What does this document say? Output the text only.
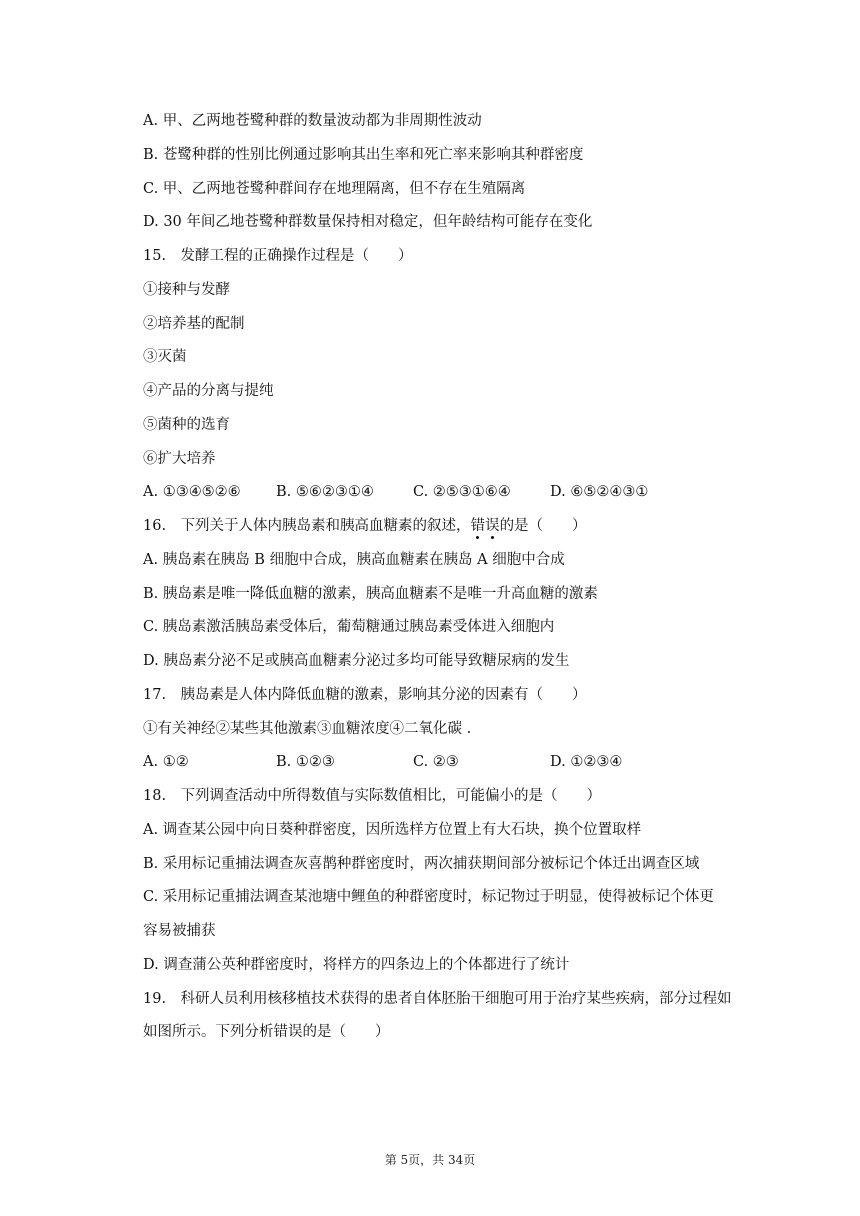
A. 甲、乙两地苍鹭种群的数量波动都为非周期性波动
B. 苍鹭种群的性别比例通过影响其出生率和死亡率来影响其种群密度
C. 甲、乙两地苍鹭种群间存在地理隔离，但不存在生殖隔离
D. 30 年间乙地苍鹭种群数量保持相对稳定，但年龄结构可能存在变化
15.　发酵工程的正确操作过程是（　　）
①接种与发酵
②培养基的配制
③灭菌
④产品的分离与提纯
⑤菌种的选育
⑥扩大培养
A. ①③④⑤②⑥ B. ⑤⑥②③①④	C. ②⑤③①⑥④	D. ⑥⑤②④③①
16.　下列关于人体内胰岛素和胰高血糖素的叙述，错
误
的是（　　）
A. 胰岛素在胰岛 B 细胞中合成，胰高血糖素在胰岛 A 细胞中合成
B. 胰岛素是唯一降低血糖的激素，胰高血糖素不是唯一升高血糖的激素
C. 胰岛素激活胰岛素受体后，葡萄糖通过胰岛素受体进入细胞内
D. 胰岛素分泌不足或胰高血糖素分泌过多均可能导致糖尿病的发生
17.　胰岛素是人体内降低血糖的激素，影响其分泌的因素有（　　）
①有关神经②某些其他激素③血糖浓度④二氧化碳 .
A. ①②	B. ①②③	C. ②③	D. ①②③④
18.　下列调查活动中所得数值与实际数值相比，可能偏小的是（　　）
A. 调查某公园中向日葵种群密度，因所选样方位置上有大石块，换个位置取样
B. 采用标记重捕法调查灰喜鹊种群密度时，两次捕获期间部分被标记个体迁出调查区域
C. 采用标记重捕法调查某池塘中鲤鱼的种群密度时，标记物过于明显，使得被标记个体更
容易被捕获
D. 调查蒲公英种群密度时，将样方的四条边上的个体都进行了统计
19.　科研人员利用核移植技术获得的患者自体胚胎干细胞可用于治疗某些疾病，部分过程如
如图所示。下列分析错误的是（　　）
第 5页，共 34页
